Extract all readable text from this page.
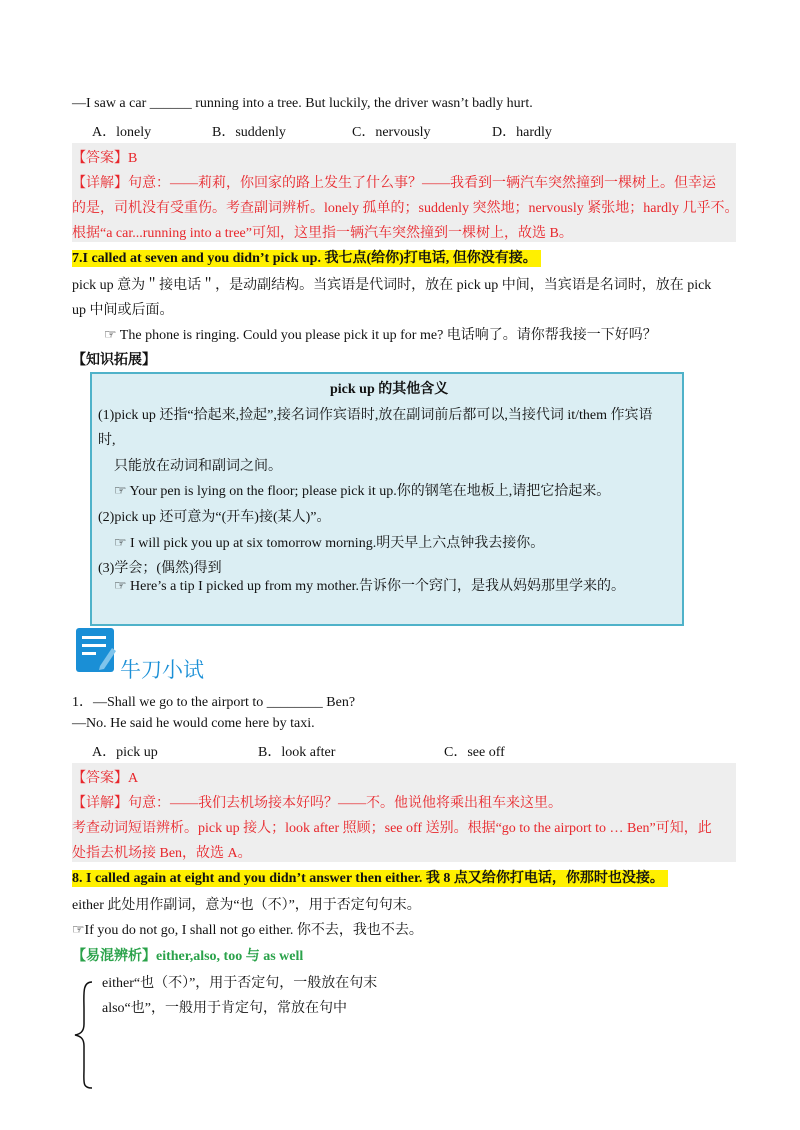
—I saw a car ______ running into a tree. But luckily, the driver wasn’t badly hurt.
A．lonely	B．suddenly	C．nervously	D．hardly
【答案】B
【详解】句意：——莉莉，你回家的路上发生了什么事？——我看到一辆汽车突然撞到一棵树上。但幸运
的是，司机没有受重伤。考查副词辨析。lonely 孤单的；suddenly 突然地；nervously 紧张地；hardly 几乎不。
根据“a car...running into a tree”可知，这里指一辆汽车突然撞到一棵树上，故选 B。
7.I called at seven and you didn’t pick up. 我七点(给你)打电话, 但你没有接。
pick up 意为＂接电话＂，是动副结构。当宾语是代词时，放在 pick up 中间，当宾语是名词时，放在 pick
up 中间或后面。
☞ The phone is ringing. Could you please pick it up for me? 电话响了。请你帮我接一下好吗？
【知识拓展】
pick up 的其他含义
(1)pick up 还指“拾起来,捡起”,接名词作宾语时,放在副词前后都可以,当接代词 it/them 作宾语
时,
只能放在动词和副词之间。
☞ Your pen is lying on the floor; please pick it up.你的钢笔在地板上,请把它拾起来。
(2)pick up 还可意为“(开车)接(某人)”。
☞ I will pick you up at six tomorrow morning.明天早上六点钟我去接你。
(3)学会；(偶然)得到
☞ Here’s a tip I picked up from my mother.告诉你一个窍门，是我从妈妈那里学来的。
牛刀小试
1．—Shall we go to the airport to ________ Ben?
—No. He said he would come here by taxi.
A．pick up	B．look after	C．see off
【答案】A
【详解】句意：——我们去机场接本好吗？——不。他说他将乘出租车来这里。
考查动词短语辨析。pick up 接人；look after 照顾；see off 送别。根据“go to the airport to … Ben”可知，此
处指去机场接 Ben，故选 A。
8. I called again at eight and you didn’t answer then either. 我 8 点又给你打电话，你那时也没接。
either 此处用作副词，意为“也（不）”，用于否定句句末。
☞If you do not go, I shall not go either. 你不去，我也不去。
【易混辨析】either,also, too 与 as well
either“也（不）”，用于否定句，一般放在句末
also“也”，一般用于肯定句，常放在句中
